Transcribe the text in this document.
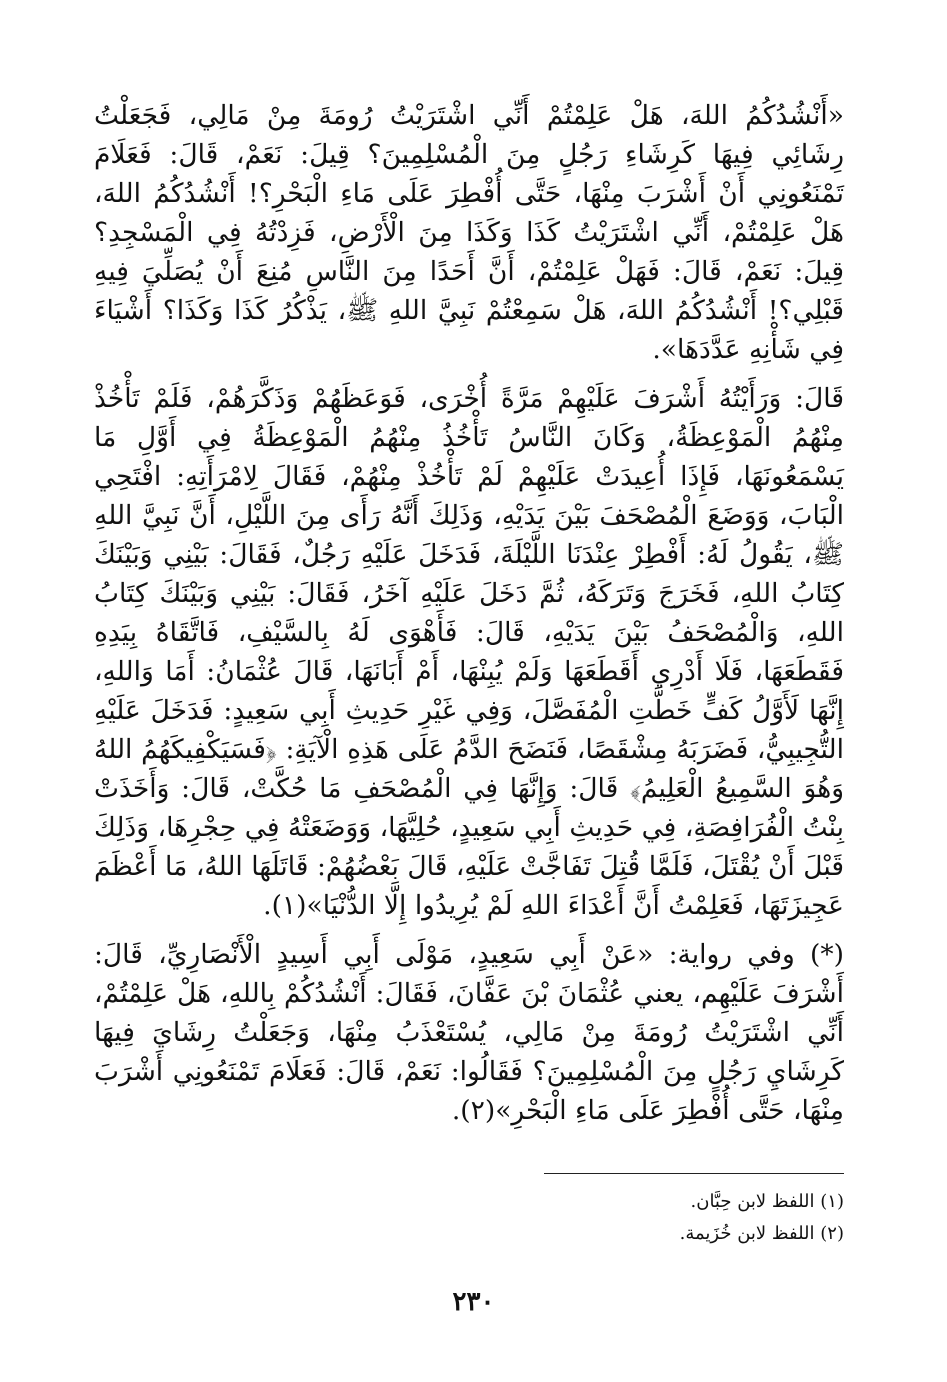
«أَنْشُدُكُمُ اللهَ، هَلْ عَلِمْتُمْ أَنِّي اشْتَرَيْتُ رُومَةَ مِنْ مَالِي، فَجَعَلْتُ رِشَائِي فِيهَا كَرِشَاءِ رَجُلٍ مِنَ الْمُسْلِمِينَ؟ قِيلَ: نَعَمْ، قَالَ: فَعَلَامَ تَمْنَعُونِي أَنْ أَشْرَبَ مِنْهَا، حَتَّى أُفْطِرَ عَلَى مَاءِ الْبَحْرِ؟! أَنْشُدُكُمُ اللهَ، هَلْ عَلِمْتُمْ، أَنِّي اشْتَرَيْتُ كَذَا وَكَذَا مِنَ الْأَرْضِ، فَزِدْتُهُ فِي الْمَسْجِدِ؟ قِيلَ: نَعَمْ، قَالَ: فَهَلْ عَلِمْتُمْ، أَنَّ أَحَدًا مِنَ النَّاسِ مُنِعَ أَنْ يُصَلِّيَ فِيهِ قَبْلِي؟! أَنْشُدُكُمُ اللهَ، هَلْ سَمِعْتُمْ نَبِيَّ اللهِ ﷺ، يَذْكُرُ كَذَا وَكَذَا؟ أَشْيَاءَ فِي شَأْنِهِ عَدَّدَهَا».

قَالَ: وَرَأَيْتُهُ أَشْرَفَ عَلَيْهِمْ مَرَّةً أُخْرَى، فَوَعَظَهُمْ وَذَكَّرَهُمْ، فَلَمْ تَأْخُذْ مِنْهُمُ الْمَوْعِظَةُ، وَكَانَ النَّاسُ تَأْخُذُ مِنْهُمُ الْمَوْعِظَةُ فِي أَوَّلِ مَا يَسْمَعُونَهَا، فَإِذَا أُعِيدَتْ عَلَيْهِمْ لَمْ تَأْخُذْ مِنْهُمْ، فَقَالَ لِامْرَأَتِهِ: افْتَحِي الْبَابَ، وَوَضَعَ الْمُصْحَفَ بَيْنَ يَدَيْهِ، وَذَلِكَ أَنَّهُ رَأَى مِنَ اللَّيْلِ، أَنَّ نَبِيَّ اللهِ ﷺ، يَقُولُ لَهُ: أَفْطِرْ عِنْدَنَا اللَّيْلَةَ، فَدَخَلَ عَلَيْهِ رَجُلٌ، فَقَالَ: بَيْنِي وَبَيْنَكَ كِتَابُ اللهِ، فَخَرَجَ وَتَرَكَهُ، ثُمَّ دَخَلَ عَلَيْهِ آخَرُ، فَقَالَ: بَيْنِي وَبَيْنَكَ كِتَابُ اللهِ، وَالْمُصْحَفُ بَيْنَ يَدَيْهِ، قَالَ: فَأَهْوَى لَهُ بِالسَّيْفِ، فَاتَّقَاهُ بِيَدِهِ فَقَطَعَهَا، فَلَا أَدْرِي أَقَطَعَهَا وَلَمْ يُبِنْهَا، أَمْ أَبَانَهَا، قَالَ عُثْمَانُ: أَمَا وَاللهِ، إِنَّهَا لَأَوَّلُ كَفٍّ خَطَّتِ الْمُفَصَّلَ، وَفِي غَيْرِ حَدِيثِ أَبِي سَعِيدٍ: فَدَخَلَ عَلَيْهِ التُّجِيبِيُّ، فَضَرَبَهُ مِشْقَصًا، فَنَضَحَ الدَّمُ عَلَى هَذِهِ الْآيَةِ: ﴿فَسَيَكْفِيكَهُمُ اللهُ وَهُوَ السَّمِيعُ الْعَلِيمُ﴾ قَالَ: وَإِنَّهَا فِي الْمُصْحَفِ مَا حُكَّتْ، قَالَ: وَأَخَذَتْ بِنْتُ الْفُرَافِصَةِ، فِي حَدِيثِ أَبِي سَعِيدٍ، حُلِيَّهَا، وَوَضَعَتْهُ فِي حِجْرِهَا، وَذَلِكَ قَبْلَ أَنْ يُقْتَلَ، فَلَمَّا قُتِلَ تَفَاجَّتْ عَلَيْهِ، قَالَ بَعْضُهُمْ: قَاتَلَهَا اللهُ، مَا أَعْظَمَ عَجِيزَتَهَا، فَعَلِمْتُ أَنَّ أَعْدَاءَ اللهِ لَمْ يُرِيدُوا إِلَّا الدُّنْيَا»(١).

(*) وفي رواية: «عَنْ أَبِي سَعِيدٍ، مَوْلَى أَبِي أَسِيدٍ الْأَنْصَارِيِّ، قَالَ: أَشْرَفَ عَلَيْهِم، يعني عُثْمَانَ بْنَ عَفَّانَ، فَقَالَ: أَنْشُدُكُمْ بِاللهِ، هَلْ عَلِمْتُمْ، أَنِّي اشْتَرَيْتُ رُومَةَ مِنْ مَالِي، يُسْتَعْذَبُ مِنْهَا، وَجَعَلْتُ رِشَايَ فِيهَا كَرِشَايِ رَجُلٍ مِنَ الْمُسْلِمِينَ؟ فَقَالُوا: نَعَمْ، قَالَ: فَعَلَامَ تَمْنَعُونِي أَشْرَبَ مِنْهَا، حَتَّى أُفْطِرَ عَلَى مَاءِ الْبَحْرِ»(٢).

(١) اللفظ لابن حِبَّان.

(٢) اللفظ لابن خُزَيمة.

٢٣٠
